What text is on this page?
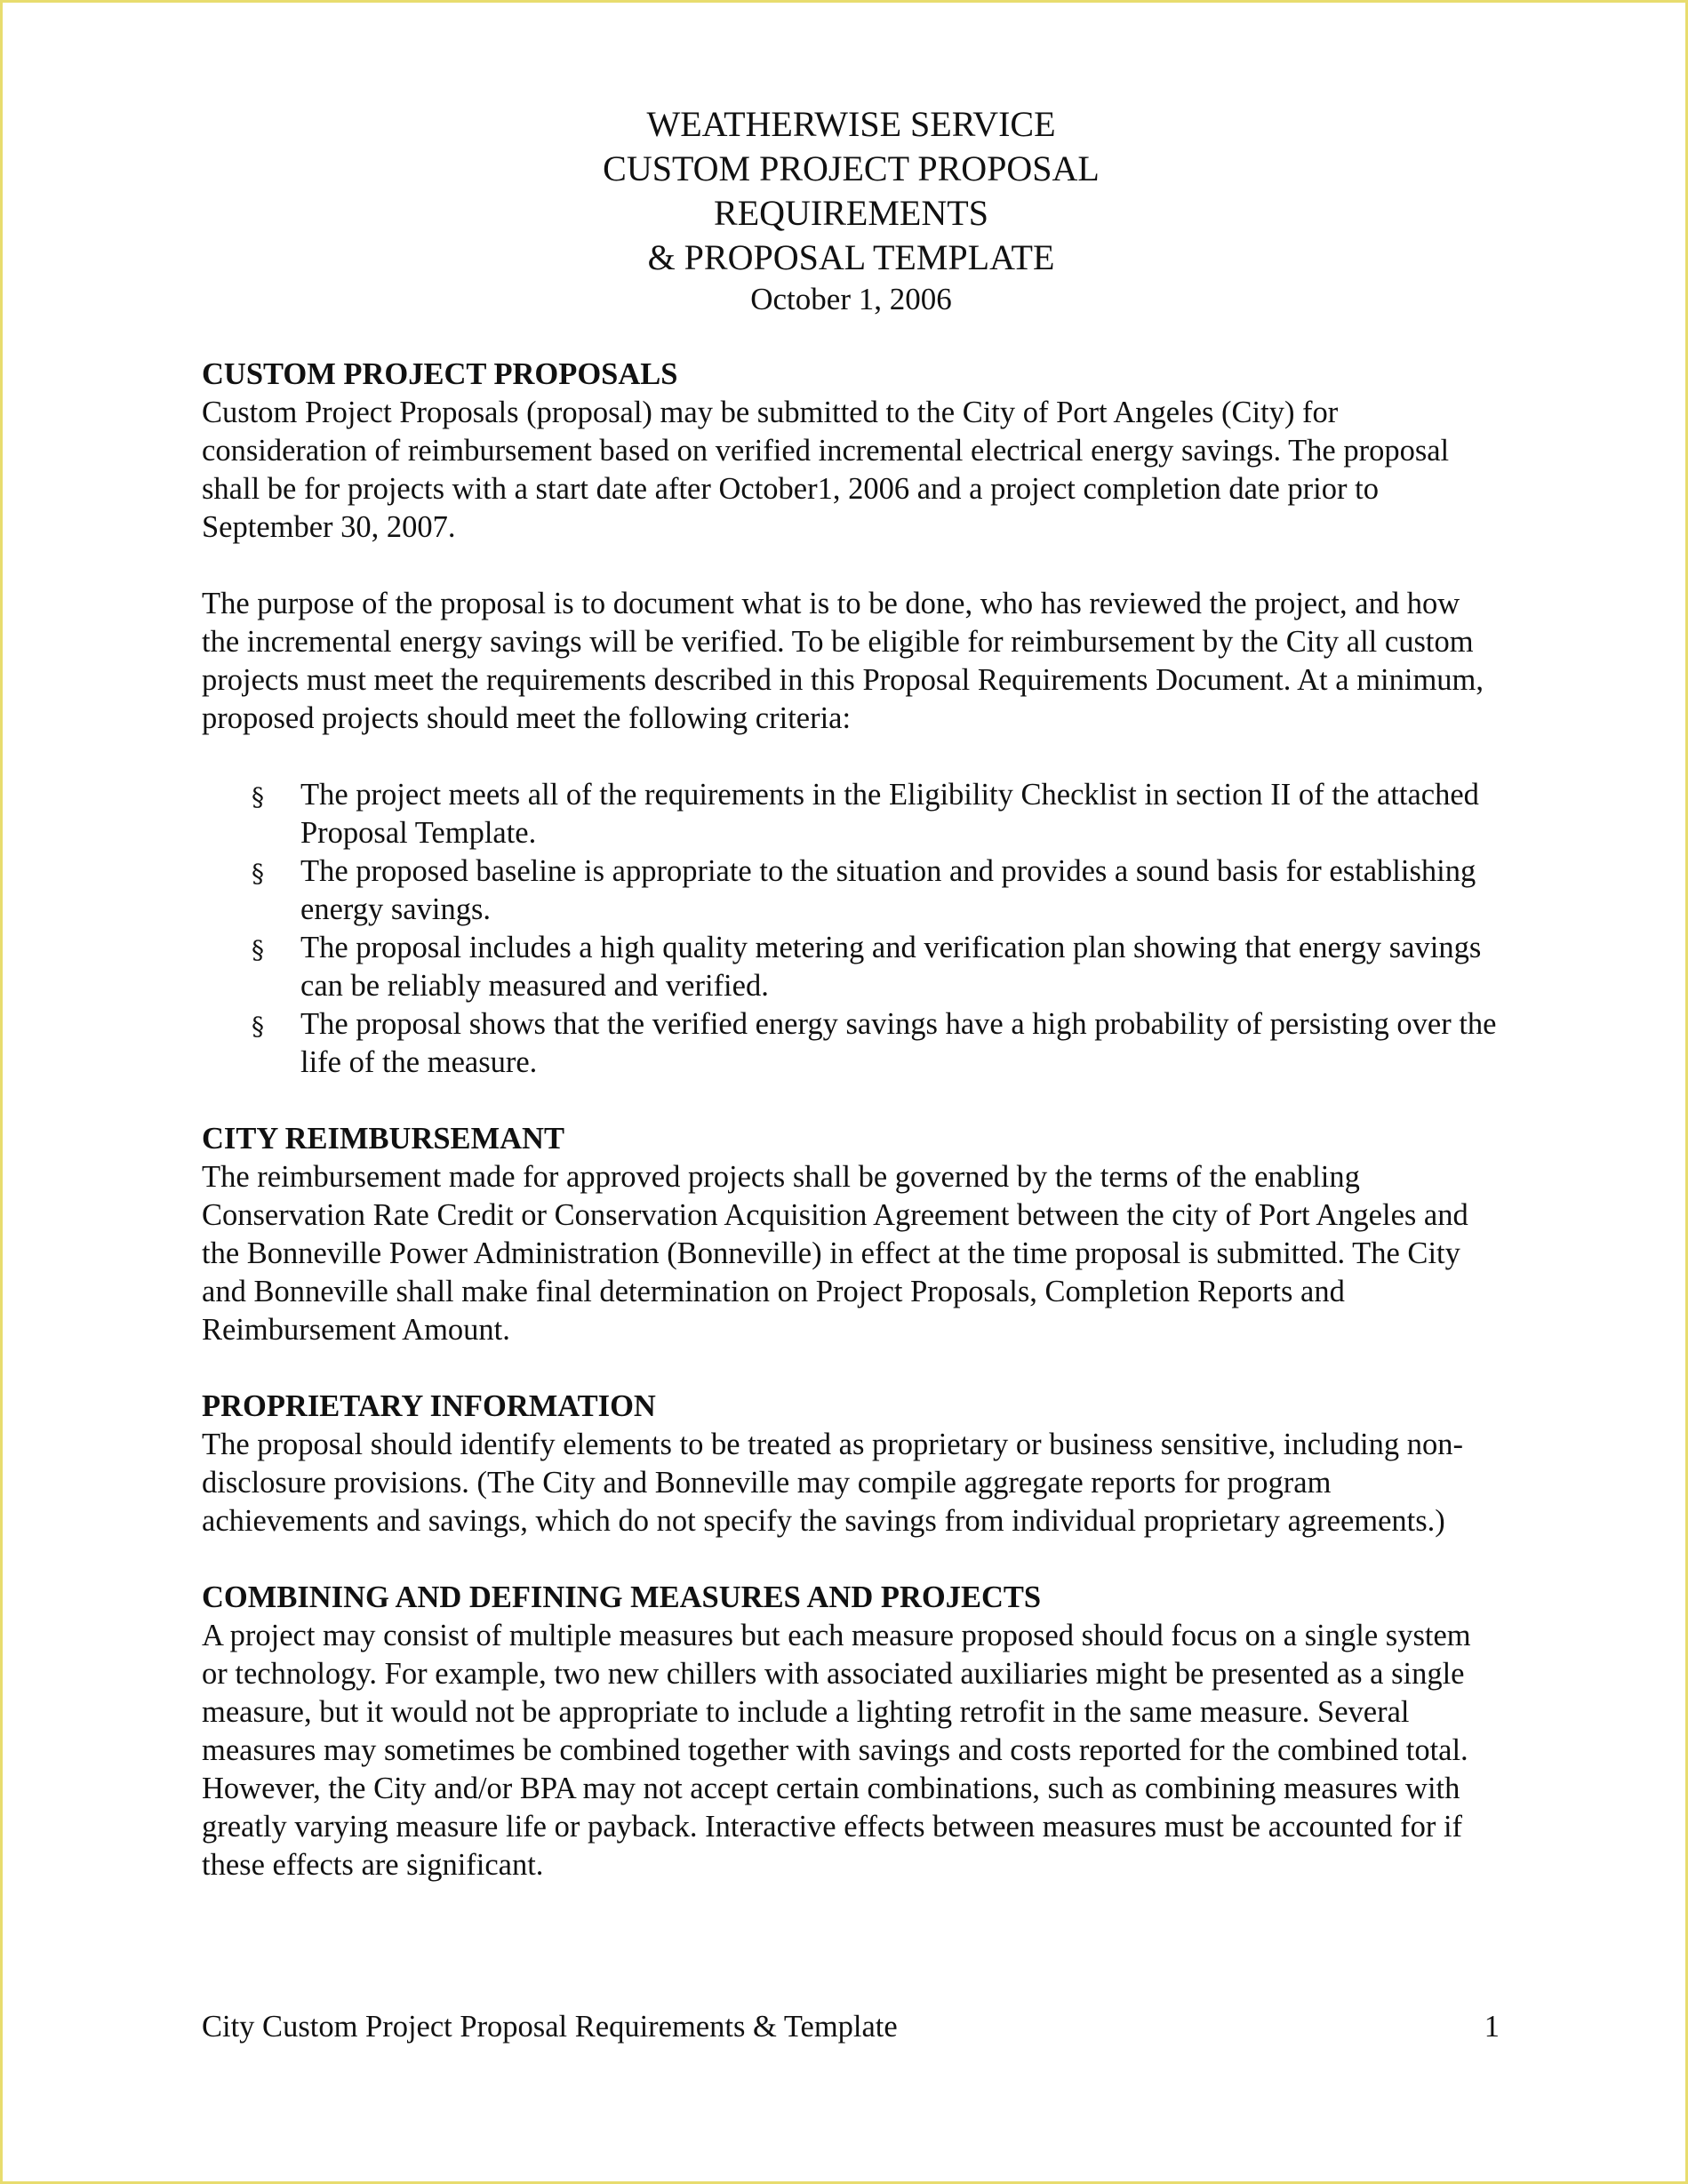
WEATHERWISE SERVICE
CUSTOM PROJECT PROPOSAL
REQUIREMENTS
& PROPOSAL TEMPLATE
October 1, 2006
CUSTOM PROJECT PROPOSALS

Custom Project Proposals (proposal) may be submitted to the City of Port Angeles (City) for consideration of reimbursement based on verified incremental electrical energy savings. The proposal shall be for projects with a start date after October1, 2006 and a project completion date prior to September 30, 2007.

The purpose of the proposal is to document what is to be done, who has reviewed the project, and how the incremental energy savings will be verified. To be eligible for reimbursement by the City all custom projects must meet the requirements described in this Proposal Requirements Document. At a minimum, proposed projects should meet the following criteria:

§ The project meets all of the requirements in the Eligibility Checklist in section II of the attached Proposal Template.
§ The proposed baseline is appropriate to the situation and provides a sound basis for establishing energy savings.
§ The proposal includes a high quality metering and verification plan showing that energy savings can be reliably measured and verified.
§ The proposal shows that the verified energy savings have a high probability of persisting over the life of the measure.
CITY REIMBURSEMANT

The reimbursement made for approved projects shall be governed by the terms of the enabling Conservation Rate Credit or Conservation Acquisition Agreement between the city of Port Angeles and the Bonneville Power Administration (Bonneville) in effect at the time proposal is submitted. The City and Bonneville shall make final determination on Project Proposals, Completion Reports and Reimbursement Amount.

PROPRIETARY INFORMATION

The proposal should identify elements to be treated as proprietary or business sensitive, including non-disclosure provisions. (The City and Bonneville may compile aggregate reports for program achievements and savings, which do not specify the savings from individual proprietary agreements.)

COMBINING AND DEFINING MEASURES AND PROJECTS

A project may consist of multiple measures but each measure proposed should focus on a single system or technology. For example, two new chillers with associated auxiliaries might be presented as a single measure, but it would not be appropriate to include a lighting retrofit in the same measure. Several measures may sometimes be combined together with savings and costs reported for the combined total. However, the City and/or BPA may not accept certain combinations, such as combining measures with greatly varying measure life or payback. Interactive effects between measures must be accounted for if these effects are significant.

City Custom Project Proposal Requirements & Template	1
